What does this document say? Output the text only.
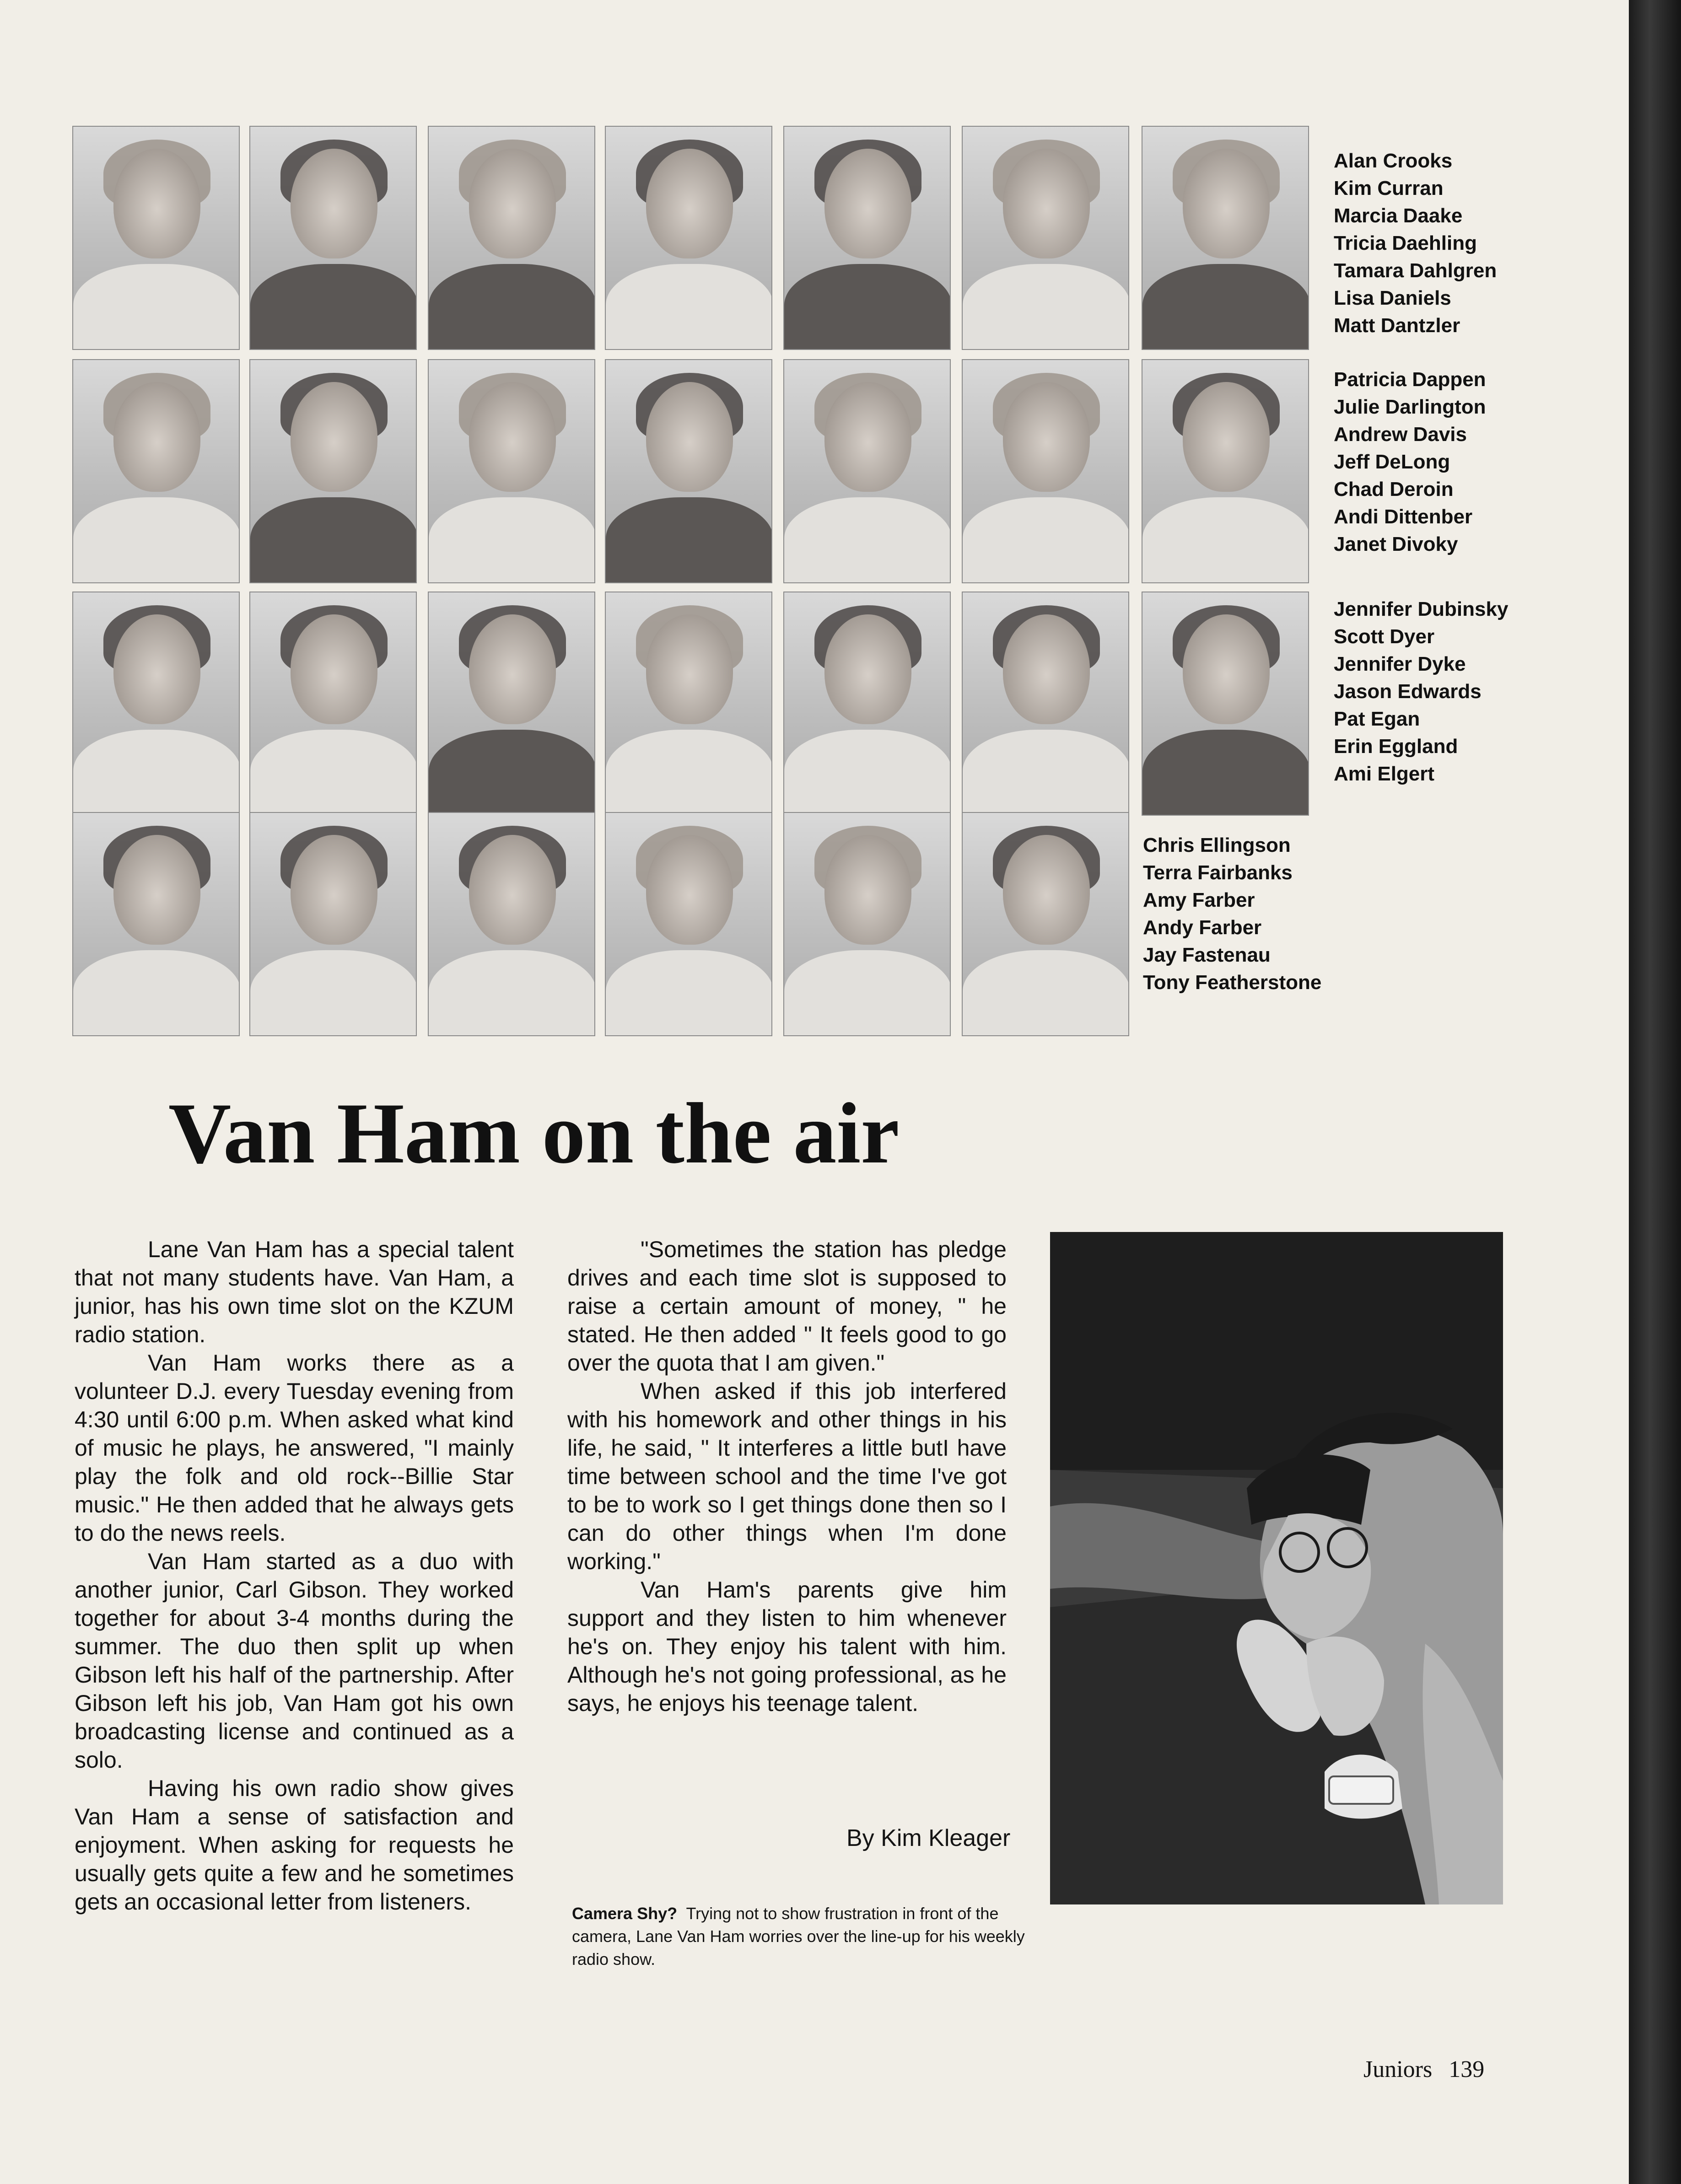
Alan Crooks
Kim Curran
Marcia Daake
Tricia Daehling
Tamara Dahlgren
Lisa Daniels
Matt Dantzler
Patricia Dappen
Julie Darlington
Andrew Davis
Jeff DeLong
Chad Deroin
Andi Dittenber
Janet Divoky
Jennifer Dubinsky
Scott Dyer
Jennifer Dyke
Jason Edwards
Pat Egan
Erin Eggland
Ami Elgert
Chris Ellingson
Terra Fairbanks
Amy Farber
Andy Farber
Jay Fastenau
Tony Featherstone
Van Ham on the air

Lane Van Ham has a special talent that not many students have. Van Ham, a junior, has his own time slot on the KZUM radio station.

Van Ham works there as a volunteer D.J. every Tuesday evening from 4:30 until 6:00 p.m. When asked what kind of music he plays, he answered, "I mainly play the folk and old rock--Billie Star music." He then added that he always gets to do the news reels.

Van Ham started as a duo with another junior, Carl Gibson. They worked together for about 3-4 months during the summer. The duo then split up when Gibson left his half of the partnership. After Gibson left his job, Van Ham got his own broadcasting license and continued as a solo.

Having his own radio show gives Van Ham a sense of satisfaction and enjoyment. When asking for requests he usually gets quite a few and he sometimes gets an occasional letter from listeners.

"Sometimes the station has pledge drives and each time slot is supposed to raise a certain amount of money, " he stated. He then added " It feels good to go over the quota that I am given."

When asked if this job interfered with his homework and other things in his life, he said, " It interferes a little butI have time between school and the time I've got to be to work so I get things done then so I can do other things when I'm done working."

Van Ham's parents give him support and they listen to him whenever he's on. They enjoy his talent with him. Although he's not going professional, as he says, he enjoys his teenage talent.

By Kim Kleager
Camera Shy? Trying not to show frustration in front of the camera, Lane Van Ham worries over the line-up for his weekly radio show.
Juniors 139
